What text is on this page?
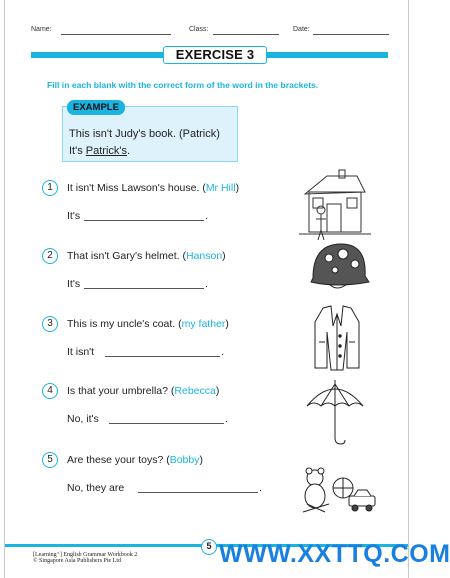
Name:	Class:	Date:
EXERCISE 3
Fill in each blank with the correct form of the word in the brackets.
EXAMPLE
This isn't Judy's book. (Patrick)
It's Patrick's.
1	It isn't Miss Lawson's house. (Mr Hill)
It's	.
2	That isn't Gary's helmet. (Hanson)
It's	.
3	This is my uncle's coat. (my father)
It isn't	.
4	Is that your umbrella? (Rebecca)
No, it's	.
5	Are these your toys? (Bobby)
No, they are	.
[Learning⁺] English Grammar Workbook 2
© Singapore Asia Publishers Pte Ltd
5 WWW.XXTTQ.COM
